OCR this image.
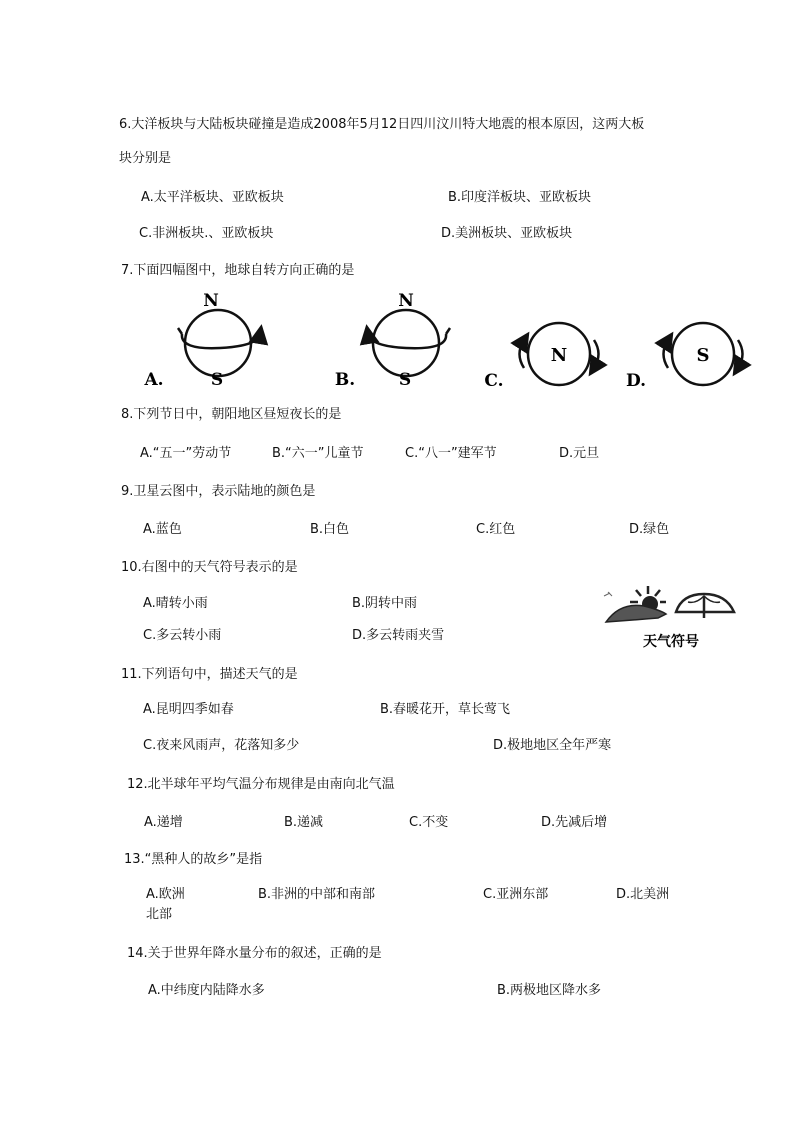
6.大洋板块与大陆板块碰撞是造成2008年5月12日四川汶川特大地震的根本原因，这两大板
块分别是
A.太平洋板块、亚欧板块	B.印度洋板块、亚欧板块
C.非洲板块.、亚欧板块	D.美洲板块、亚欧板块
7.下面四幅图中，地球自转方向正确的是
N
A.	S
N
B.	S
N
C.
S
D.
8.下列节日中，朝阳地区昼短夜长的是
A.“五一”劳动节	B.“六一”儿童节	C.“八一”建军节	D.元旦
9.卫星云图中，表示陆地的颜色是
A.蓝色	B.白色	C.红色	D.绿色
10.右图中的天气符号表示的是
A.晴转小雨	B.阴转中雨
C.多云转小雨	D.多云转雨夹雪	天气符号
11.下列语句中，描述天气的是
A.昆明四季如春	B.春暖花开，草长莺飞
C.夜来风雨声，花落知多少	D.极地地区全年严寒
12.北半球年平均气温分布规律是由南向北气温
A.递增	B.递减	C.不变	D.先减后增
13.“黑种人的故乡”是指
A.欧洲	B.非洲的中部和南部	C.亚洲东部	D.北美洲
北部
14.关于世界年降水量分布的叙述，正确的是
A.中纬度内陆降水多	B.两极地区降水多
